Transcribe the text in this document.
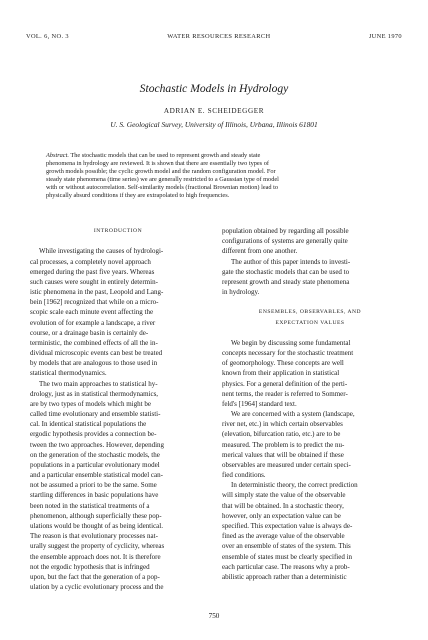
VOL. 6, NO. 3	WATER RESOURCES RESEARCH	JUNE 1970
Stochastic Models in Hydrology
ADRIAN E. SCHEIDEGGER
U. S. Geological Survey, University of Illinois, Urbana, Illinois 61801
Abstract. The stochastic models that can be used to represent growth and steady state
phenomena in hydrology are reviewed. It is shown that there are essentially two types of
growth models possible; the cyclic growth model and the random configuration model. For
steady state phenomena (time series) we are generally restricted to a Gaussian type of model
with or without autocorrelation. Self-similarity models (fractional Brownian motion) lead to
physically absurd conditions if they are extrapolated to high frequencies.
INTRODUCTION
While investigating the causes of hydrologi-
cal processes, a completely novel approach
emerged during the past five years. Whereas
such causes were sought in entirely determin-
istic phenomena in the past, Leopold and Lang-
bein [1962] recognized that while on a micro-
scopic scale each minute event affecting the
evolution of for example a landscape, a river
course, or a drainage basin is certainly de-
terministic, the combined effects of all the in-
dividual microscopic events can best be treated
by models that are analogous to those used in
statistical thermodynamics.
The two main approaches to statistical hy-
drology, just as in statistical thermodynamics,
are by two types of models which might be
called time evolutionary and ensemble statisti-
cal. In identical statistical populations the
ergodic hypothesis provides a connection be-
tween the two approaches. However, depending
on the generation of the stochastic models, the
populations in a particular evolutionary model
and a particular ensemble statistical model can-
not be assumed a priori to be the same. Some
startling differences in basic populations have
been noted in the statistical treatments of a
phenomenon, although superficially these pop-
ulations would be thought of as being identical.
The reason is that evolutionary processes nat-
urally suggest the property of cyclicity, whereas
the ensemble approach does not. It is therefore
not the ergodic hypothesis that is infringed
upon, but the fact that the generation of a pop-
ulation by a cyclic evolutionary process and the
population obtained by regarding all possible
configurations of systems are generally quite
different from one another.
The author of this paper intends to investi-
gate the stochastic models that can be used to
represent growth and steady state phenomena
in hydrology.
ENSEMBLES, OBSERVABLES, AND
EXPECTATION VALUES
We begin by discussing some fundamental
concepts necessary for the stochastic treatment
of geomorphology. These concepts are well
known from their application in statistical
physics. For a general definition of the perti-
nent terms, the reader is referred to Sommer-
feld's [1964] standard text.
We are concerned with a system (landscape,
river net, etc.) in which certain observables
(elevation, bifurcation ratio, etc.) are to be
measured. The problem is to predict the nu-
merical values that will be obtained if these
observables are measured under certain speci-
fied conditions.
In deterministic theory, the correct prediction
will simply state the value of the observable
that will be obtained. In a stochastic theory,
however, only an expectation value can be
specified. This expectation value is always de-
fined as the average value of the observable
over an ensemble of states of the system. This
ensemble of states must be clearly specified in
each particular case. The reasons why a prob-
abilistic approach rather than a deterministic
750
